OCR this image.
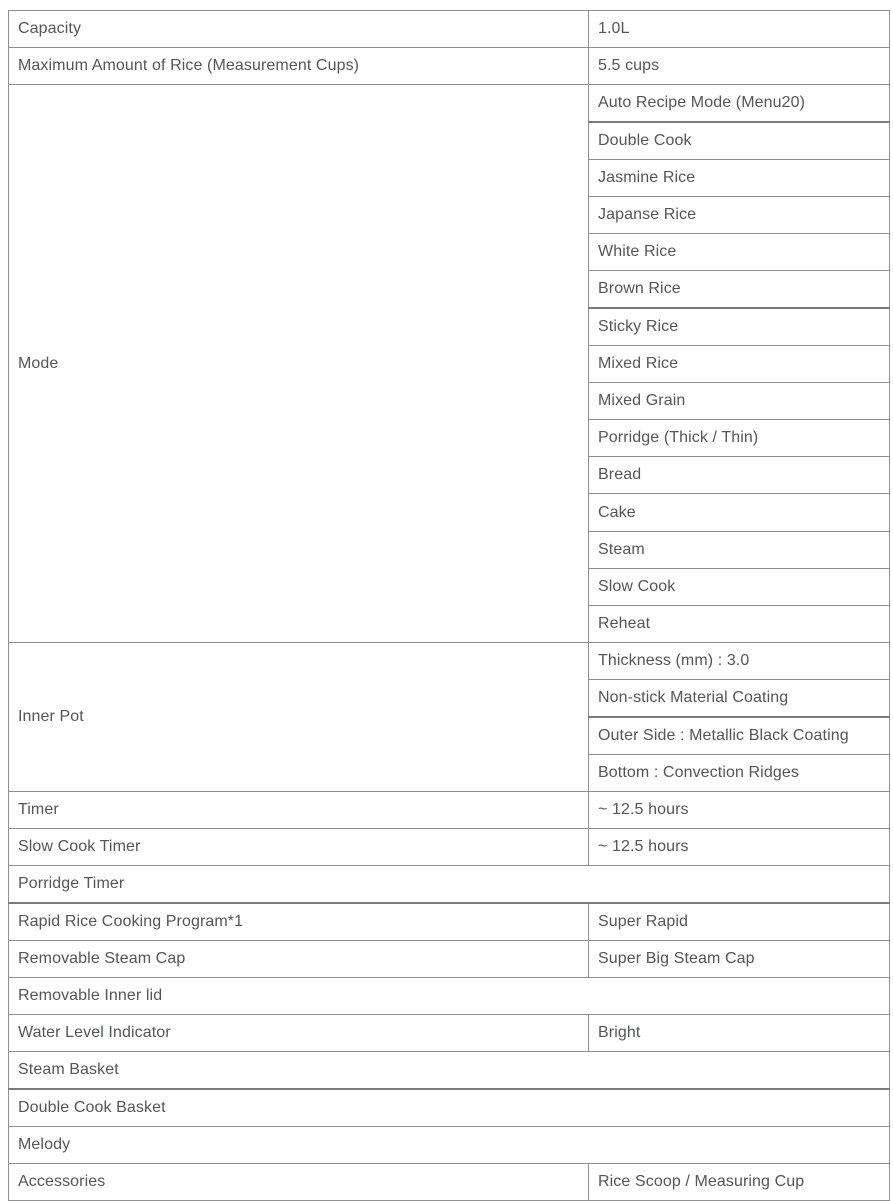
Capacity	1.0L
Maximum Amount of Rice (Measurement Cups)	5.5 cups
Mode	Auto Recipe Mode (Menu20)
	Double Cook
	Jasmine Rice
	Japanse Rice
	White Rice
	Brown Rice
	Sticky Rice
	Mixed Rice
	Mixed Grain
	Porridge (Thick / Thin)
	Bread
	Cake
	Steam
	Slow Cook
	Reheat
Inner Pot	Thickness (mm) : 3.0
	Non-stick Material Coating
	Outer Side : Metallic Black Coating
	Bottom : Convection Ridges
Timer	~ 12.5 hours
Slow Cook Timer	~ 12.5 hours
Porridge Timer	
Rapid Rice Cooking Program*1	Super Rapid
Removable Steam Cap	Super Big Steam Cap
Removable Inner lid	
Water Level Indicator	Bright
Steam Basket	
Double Cook Basket	
Melody	
Accessories	Rice Scoop / Measuring Cup
